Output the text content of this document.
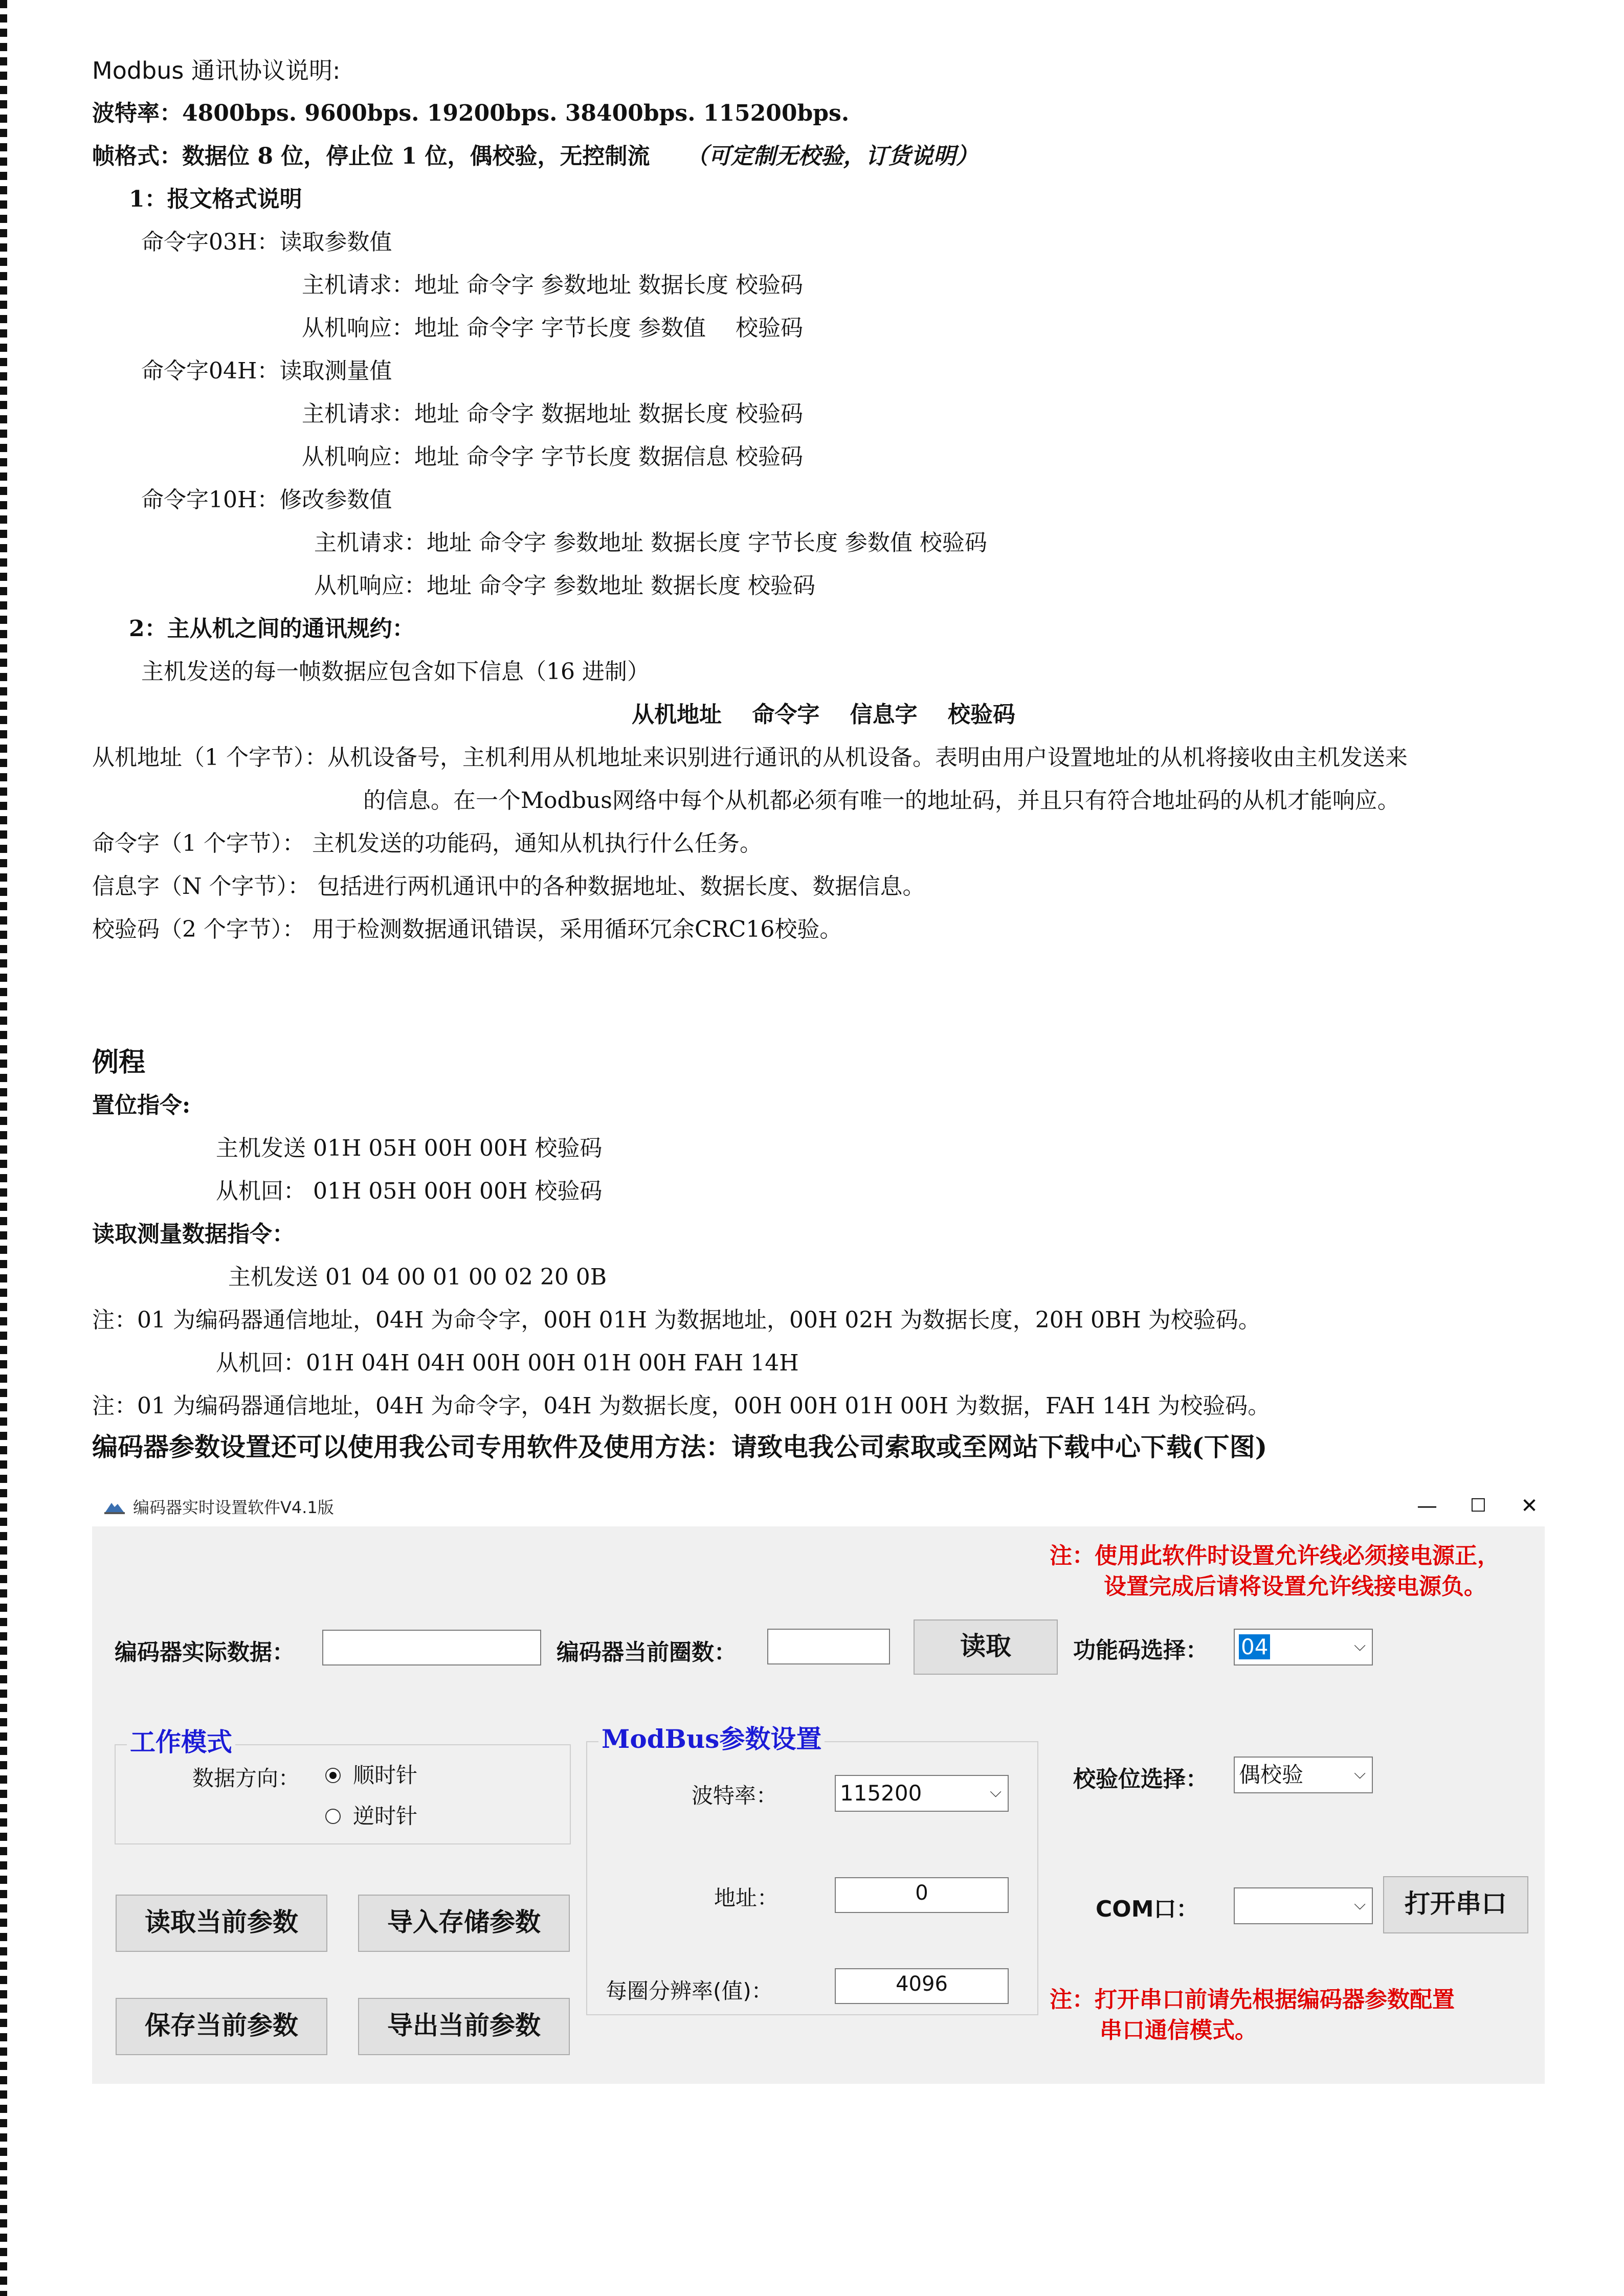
Modbus 通讯协议说明:
波特率：4800bps. 9600bps. 19200bps. 38400bps. 115200bps.
帧格式：数据位 8 位，停止位 1 位，偶校验，无控制流 （可定制无校验，订货说明）
1：报文格式说明
命令字03H：读取参数值
主机请求：地址 命令字 参数地址 数据长度 校验码
从机响应：地址 命令字 字节长度 参数值　 校验码
命令字04H：读取测量值
主机请求：地址 命令字 数据地址 数据长度 校验码
从机响应：地址 命令字 字节长度 数据信息 校验码
命令字10H：修改参数值
主机请求：地址 命令字 参数地址 数据长度 字节长度 参数值 校验码
从机响应：地址 命令字 参数地址 数据长度 校验码
2：主从机之间的通讯规约：
主机发送的每一帧数据应包含如下信息（16 进制）
从机地址　 命令字　 信息字　 校验码
从机地址（1 个字节）：从机设备号，主机利用从机地址来识别进行通讯的从机设备。表明由用户设置地址的从机将接收由主机发送来
的信息。在一个Modbus网络中每个从机都必须有唯一的地址码，并且只有符合地址码的从机才能响应。
命令字（1 个字节）： 主机发送的功能码，通知从机执行什么任务。
信息字（N 个字节）： 包括进行两机通讯中的各种数据地址、数据长度、数据信息。
校验码（2 个字节）： 用于检测数据通讯错误，采用循环冗余CRC16校验。
例程
置位指令:
主机发送 01H 05H 00H 00H 校验码
从机回： 01H 05H 00H 00H 校验码
读取测量数据指令：
主机发送 01 04 00 01 00 02 20 0B
注：01 为编码器通信地址，04H 为命令字，00H 01H 为数据地址，00H 02H 为数据长度，20H 0BH 为校验码。
从机回：01H 04H 04H 00H 00H 01H 00H FAH 14H
注：01 为编码器通信地址，04H 为命令字，04H 为数据长度，00H 00H 01H 00H 为数据，FAH 14H 为校验码。
编码器参数设置还可以使用我公司专用软件及使用方法：请致电我公司索取或至网站下载中心下载(下图)
编码器实时设置软件V4.1版	—	☐	✕
注：使用此软件时设置允许线必须接电源正，
设置完成后请将设置允许线接电源负。
编码器实际数据：	编码器当前圈数：	读取	功能码选择： 04	⌵
工作模式
数据方向： 顺时针
逆时针
ModBus参数设置
波特率：	115200	⌵
地址：	0
每圈分辨率(值)：	4096
校验位选择： 偶校验	⌵
COM口：	⌵	打开串口
读取当前参数	导入存储参数
保存当前参数	导出当前参数
注：打开串口前请先根据编码器参数配置
串口通信模式。
